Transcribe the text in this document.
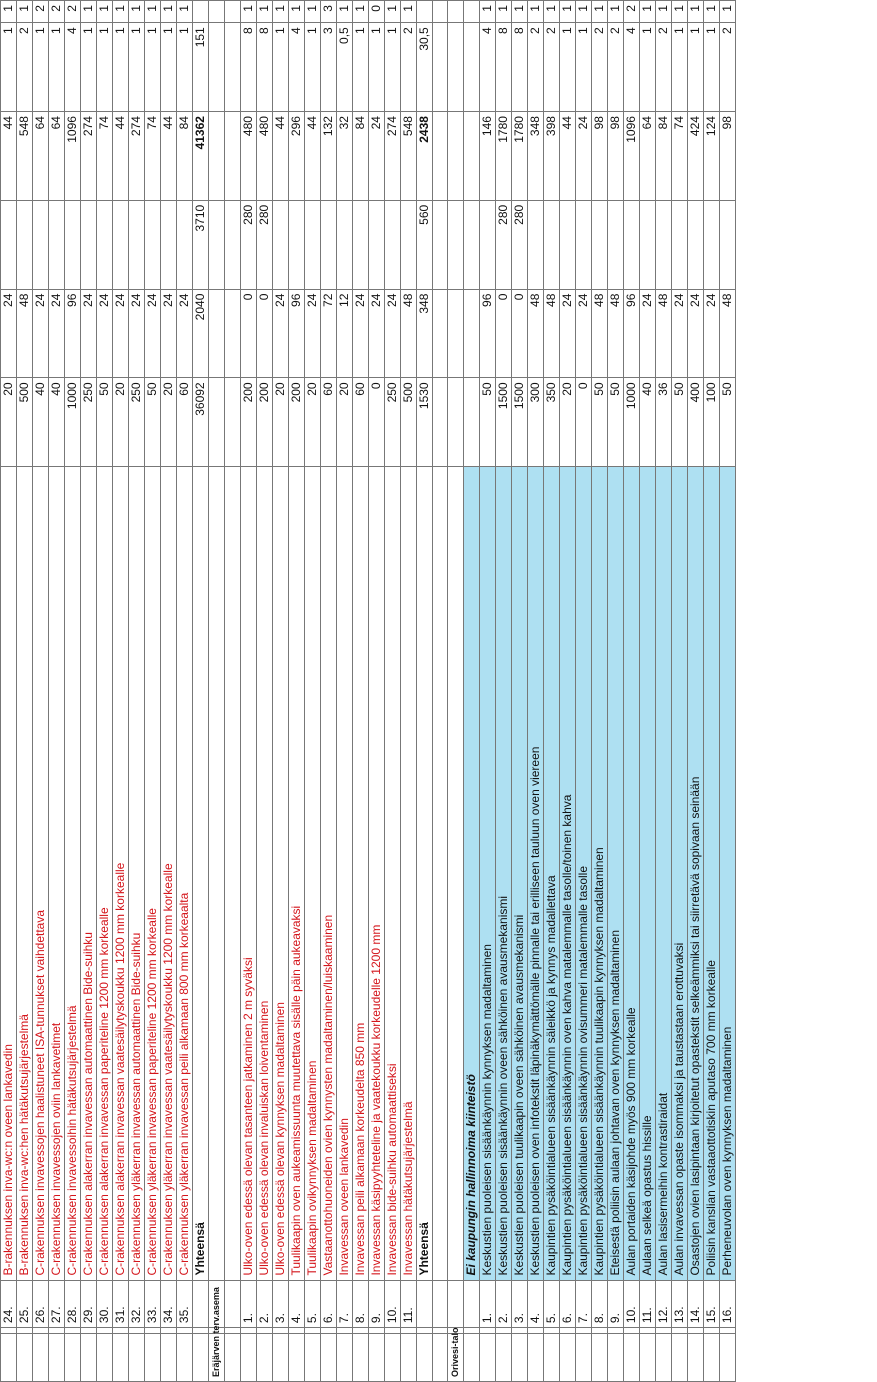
		24.	B-rakennuksen inva-wc:n oveen lankavedin	20	24		44	1	1
		25.	B-rakennuksen inva-wc:hen hätäkutsujärjestelmä	500	48		548	2	1
		26.	C-rakennuksen invavessojen haalistuneet ISA-tunnukset vaihdettava	40	24		64	1	2
		27.	C-rakennuksen invavessojen oviin lankavetimet	40	24		64	1	2
		28.	C-rakennuksen invavessoihin hätäkutsujärjestelmä	1000	96		1096	4	2
		29.	C-rakennuksen alakerran invavessan automaattinen Bide-suihku	250	24		274	1	1
		30.	C-rakennuksen alakerran invavessan paperiteline 1200 mm korkealle	50	24		74	1	1
		31.	C-rakennuksen alakerran invavessan vaatesäilytyskoukku 1200 mm korkealle	20	24		44	1	1
		32.	C-rakennuksen yläkerran invavessan automaattinen Bide-suihku	250	24		274	1	1
		33.	C-rakennuksen yläkerran invavessan paperiteline 1200 mm korkealle	50	24		74	1	1
		34.	C-rakennuksen yläkerran invavessan vaatesäilytyskoukku 1200 mm korkealle	20	24		44	1	1
		35.	C-rakennuksen yläkerran invavessan peili alkamaan 800 mm korkeaalta	60	24		84	1	1
			Yhteensä	36092	2040	3710	41362	151	
Eräjärven terv.asema									

		1.	Ulko-oven edessä olevan tasanteen jatkaminen 2 m syväksi	200	0	280	480	8	1
		2.	Ulko-oven edessä olevan invaluiskan loiventaminen	200	0	280	480	8	1
		3.	Ulko-oven edessä olevan kynnyksen madaltaminen	20	24		44	1	1
		4.	Tuulikaapin oven aukeamissuunta muutettava sisälle päin aukeavaksi	200	96		296	4	1
		5.	Tuulikaapin ovikynnyksen madaltaminen	20	24		44	1	1
		6.	Vastaanottohuoneiden ovien kynnysten madaltaminen/luiskaaminen	60	72		132	3	3
		7.	Invavessan oveen lankavedin	20	12		32	0,5	1
		8.	Invavessan peili alkamaan korkeudelta 850 mm	60	24		84	1	1
		9.	Invavessan käsipyyhteteline ja vaatekoukku korkeudelle 1200 mm	0	24		24	1	0
		10.	Invavessan bide-suihku automaattiseksi	250	24		274	1	1
		11.	Invavessan hätäkutsujärjestelmä	500	48		548	2	1
			Yhteensä	1530	348	560	2438	30,5	

Orivesi-talo									
			Ei kaupungin hallinnoima kiinteistö						
		1.	Keskustien puoleisen sisäänkäynnin kynnyksen madaltaminen	50	96		146	4	1
		2.	Keskustien puoleisen sisäänkäynnin oveen sähköinen avausmekanismi	1500	0	280	1780	8	1
		3.	Keskustien puoleisen tuulikaapin oveen sähköinen avausmekanismi	1500	0	280	1780	8	1
		4.	Keskustien puoleisen oven infotekstit läpinäkymättömälle pinnalle tai erilliseen tauluun oven viereen	300	48		348	2	1
		5.	Kaupintien pysäköintialueen sisäänkäynnin säleikkö ja kynnys madallettava	350	48		398	2	1
		6.	Kaupintien pysäköintialueen sisäänkäynnin oven kahva matalemmalle tasolle/toinen kahva	20	24		44	1	1
		7.	Kaupintien pysäköintialueen sisäänkäynnin ovisummeri matalemmalle tasolle	0	24		24	1	1
		8.	Kaupintien pysäköintialueen sisäänkäynnin tuulikaapin kynnyksen madaltaminen	50	48		98	2	1
		9.	Eteisestä poliisin aulaan johtavan oven kynnyksen madaltaminen	50	48		98	2	1
		10.	Aulan portaiden käsijohde myös 900 mm korkealle	1000	96		1096	4	2
		11.	Aulaan selkeä opastus hissille	40	24		64	1	1
		12.	Aulan lasisermeihin kontrastiraidat	36	48		84	2	1
		13.	Aulan invavessan opaste isommaksi ja taustastaan erottuvaksi	50	24		74	1	1
		14.	Osastojen ovien lasipintaan kirjoitetut opastekstit selkeämmiksi tai siirretävä sopivaan seinään	400	24		424	1	1
		15.	Poliisin kanslian vastaaottotiskin aputaso 700 mm korkealle	100	24		124	1	1
		16.	Perheneuvolan oven kynnyksen madaltaminen	50	48		98	2	1
